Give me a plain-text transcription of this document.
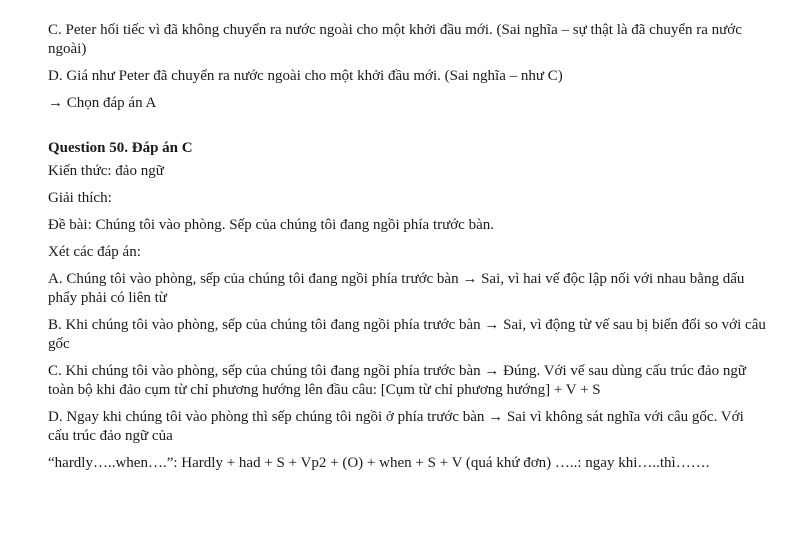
C. Peter hối tiếc vì đã không chuyển ra nước ngoài cho một khởi đầu mới. (Sai nghĩa – sự thật là đã chuyển ra nước ngoài)

D. Giá như Peter đã chuyển ra nước ngoài cho một khởi đầu mới. (Sai nghĩa – như C)

→ Chọn đáp án A

Question 50. Đáp án C

Kiến thức: đảo ngữ

Giải thích:

Đề bài: Chúng tôi vào phòng. Sếp của chúng tôi đang ngồi phía trước bàn.

Xét các đáp án:

A. Chúng tôi vào phòng, sếp của chúng tôi đang ngồi phía trước bàn → Sai, vì hai vế độc lập nối với nhau bằng dấu phẩy phải có liên từ

B. Khi chúng tôi vào phòng, sếp của chúng tôi đang ngồi phía trước bàn → Sai, vì động từ vế sau bị biến đổi so với câu gốc

C. Khi chúng tôi vào phòng, sếp của chúng tôi đang ngồi phía trước bàn → Đúng. Với vế sau dùng cấu trúc đảo ngữ toàn bộ khi đảo cụm từ chỉ phương hướng lên đầu câu: [Cụm từ chỉ phương hướng] + V + S

D. Ngay khi chúng tôi vào phòng thì sếp chúng tôi ngồi ở phía trước bàn → Sai vì không sát nghĩa với câu gốc. Với cấu trúc đảo ngữ của

“hardly…..when….”: Hardly + had + S + Vp2 + (O) + when + S + V (quá khứ đơn) …..: ngay khi…..thì…….
